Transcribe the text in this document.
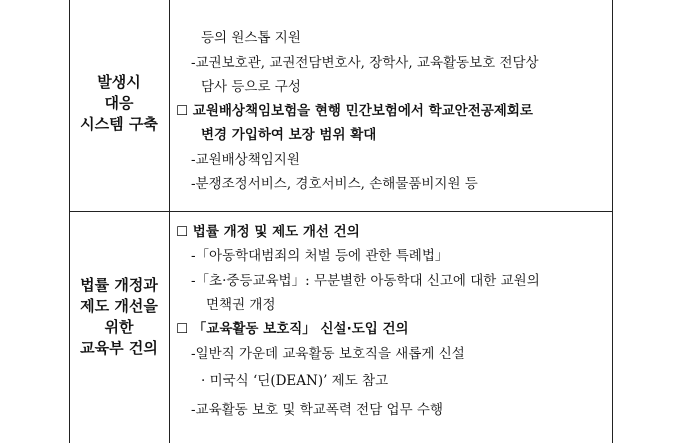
발생시
대응
시스템 구축
등의 원스톱 지원
-교권보호관, 교권전담변호사, 장학사, 교육활동보호 전담상
담사 등으로 구성
☐ 교원배상책임보험을 현행 민간보험에서 학교안전공제회로
변경 가입하여 보장 범위 확대
-교원배상책임지원
-분쟁조정서비스, 경호서비스, 손해물품비지원 등
법률 개정과
제도 개선을
위한
교육부 건의
☐ 법률 개정 및 제도 개선 건의
-「아동학대범죄의 처벌 등에 관한 특례법」
-「초·중등교육법」: 무분별한 아동학대 신고에 대한 교원의
면책권 개정
☐ 「교육활동 보호직」 신설·도입 건의
-일반직 가운데 교육활동 보호직을 새롭게 신설
· 미국식 ‘딘(DEAN)’ 제도 참고
-교육활동 보호 및 학교폭력 전담 업무 수행
